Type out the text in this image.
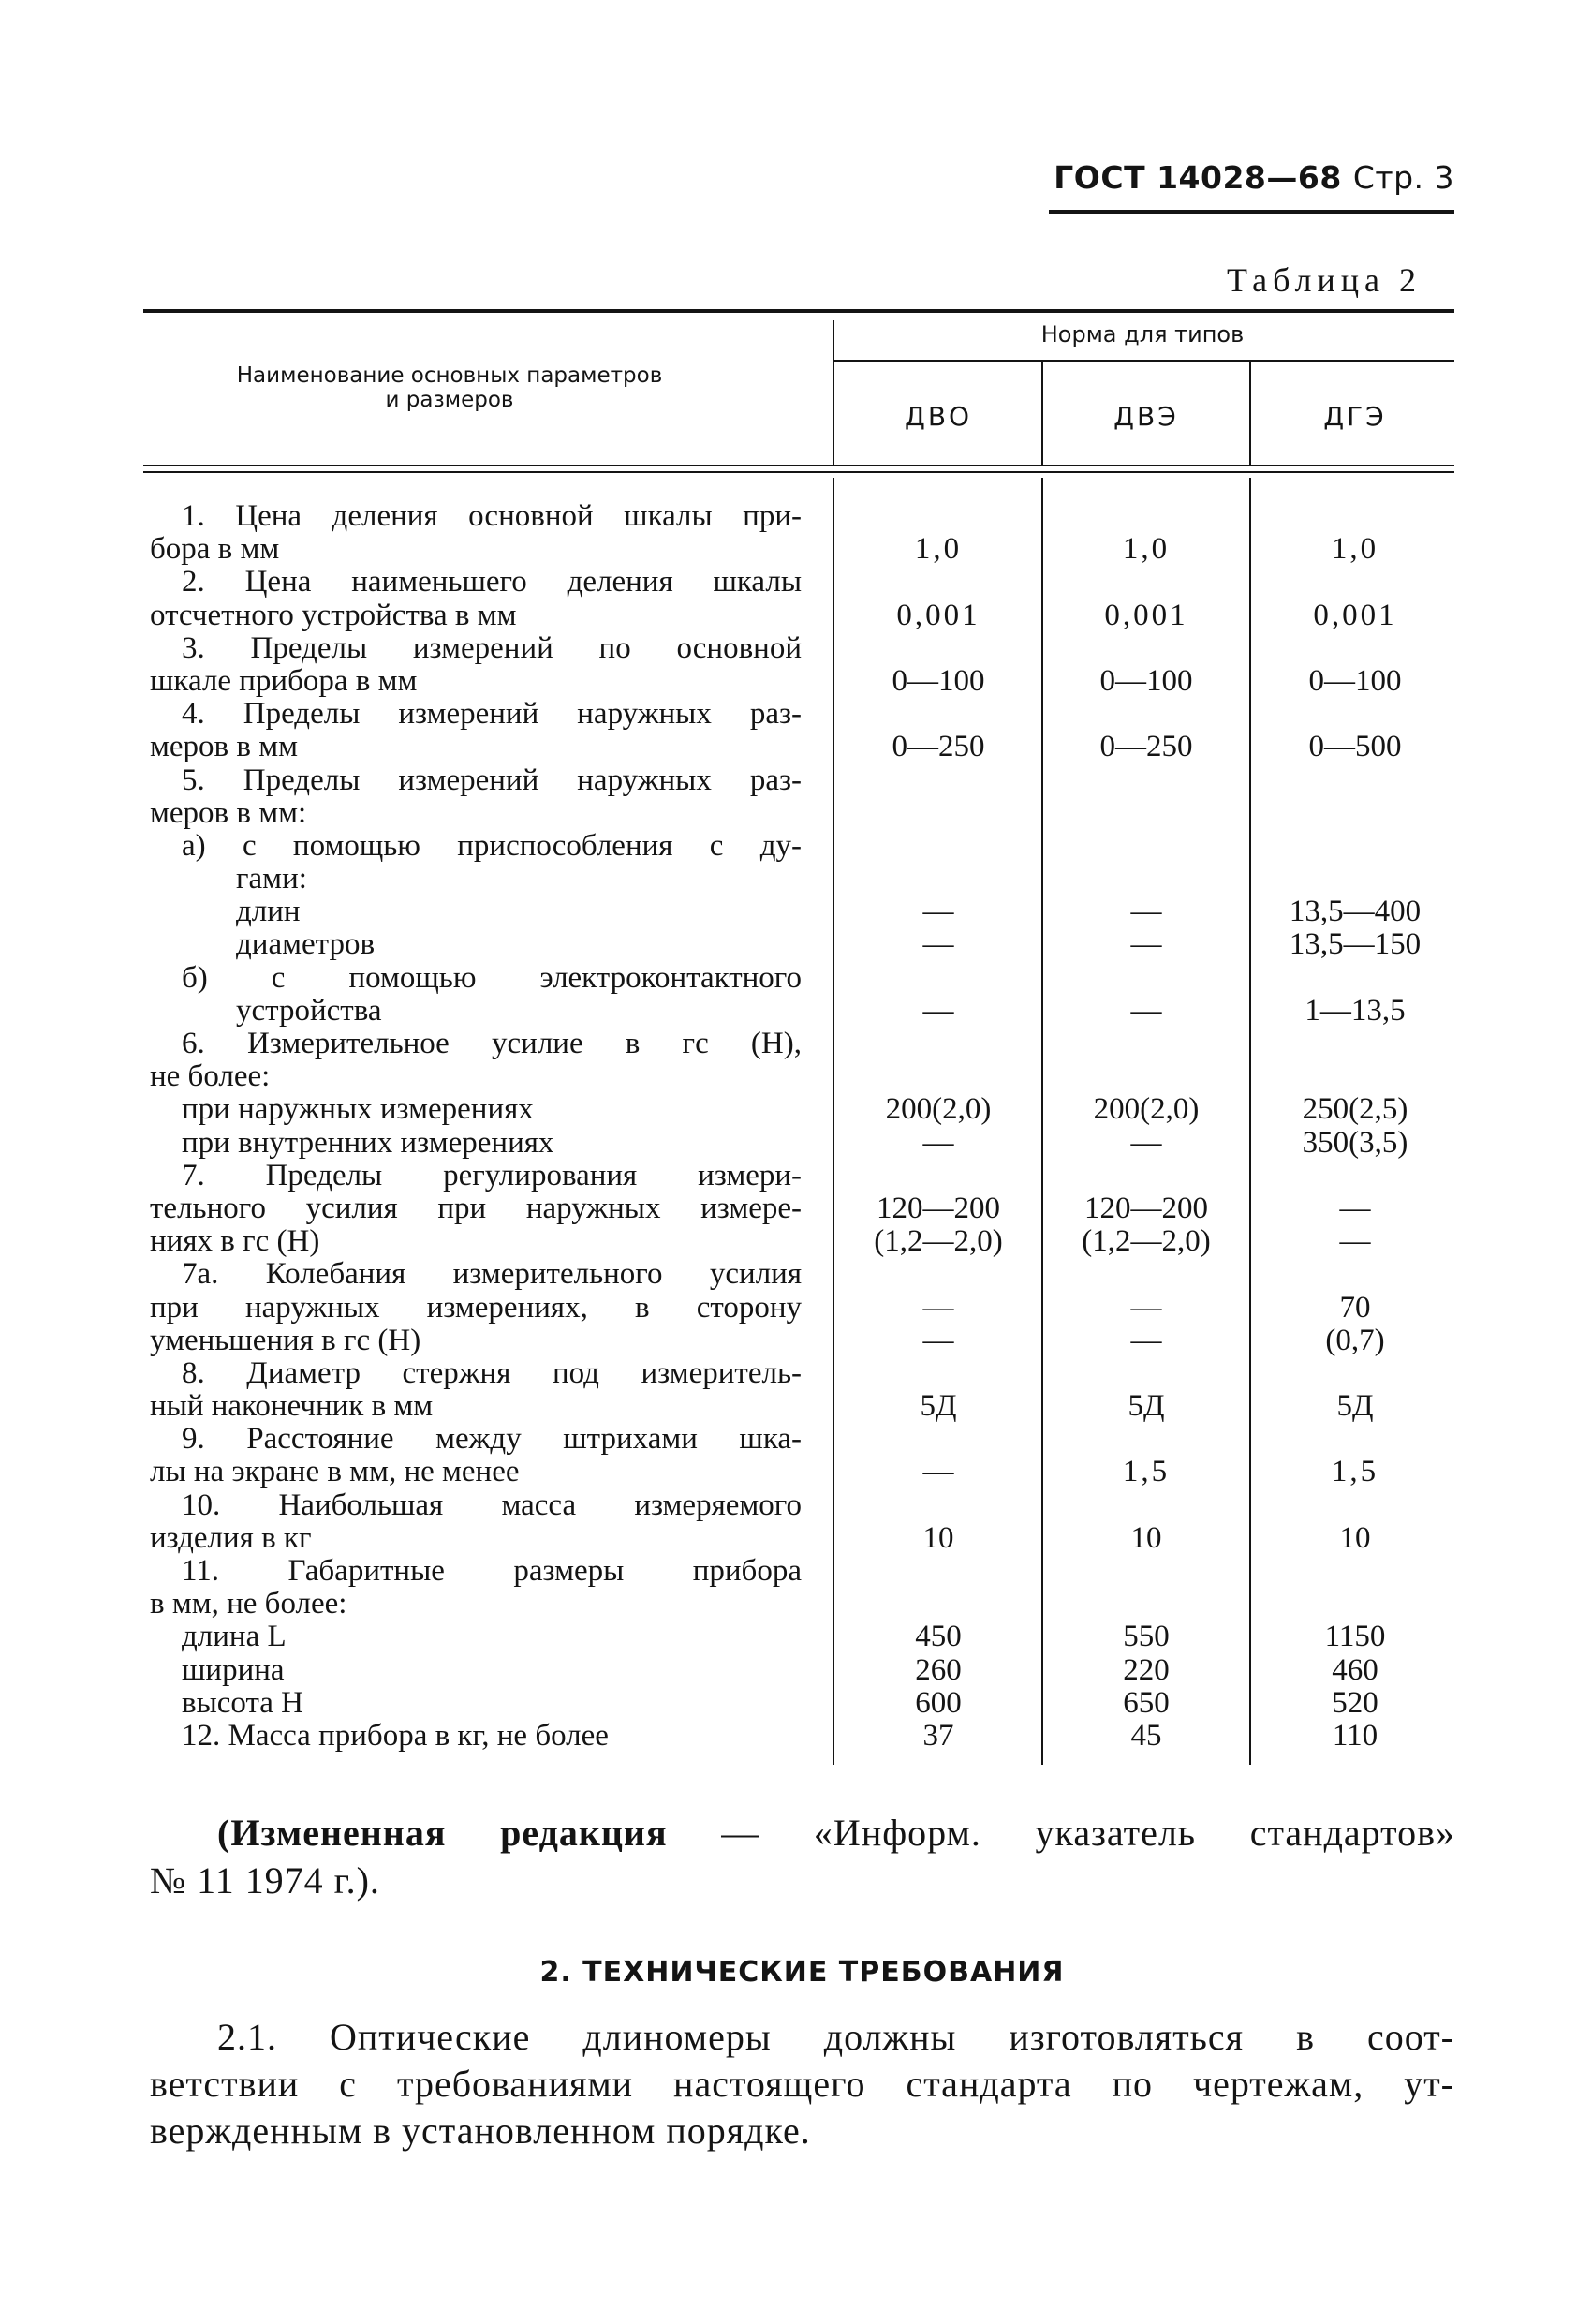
ГОСТ 14028—68 Стр. 3
Таблица 2
Наименование основных параметров
и размеров
Норма для типов
ДВО	ДВЭ	ДГЭ
1. Цена деления основной шкалы при-
бора в мм
2. Цена наименьшего деления шкалы
отсчетного устройства в мм
3. Пределы измерений по основной
шкале прибора в мм
4. Пределы измерений наружных раз-
меров в мм
5. Пределы измерений наружных раз-
меров в мм:
а) с помощью приспособления с ду-
гами:
длин
диаметров
б) с помощью электроконтактного
устройства
6. Измерительное усилие в гс (Н),
не более:
при наружных измерениях
при внутренних измерениях
7. Пределы регулирования измери-
тельного усилия при наружных измере-
ниях в гс (Н)
7а. Колебания измерительного усилия
при наружных измерениях, в сторону
уменьшения в гс (Н)
8. Диаметр стержня под измеритель-
ный наконечник в мм
9. Расстояние между штрихами шка-
лы на экране в мм, не менее
10. Наибольшая масса измеряемого
изделия в кг
11. Габаритные размеры прибора
в мм, не более:
длина L
ширина
высота H
12. Масса прибора в кг, не более
1,0
0,001
0—100
0—250
—
—
—
200(2,0)
—
120—200
(1,2—2,0)
—
—
5Д
—
10
450
260
600
37
1,0
0,001
0—100
0—250
—
—
—
200(2,0)
—
120—200
(1,2—2,0)
—
—
5Д
1,5
10
550
220
650
45
1,0
0,001
0—100
0—500
13,5—400
13,5—150
1—13,5
250(2,5)
350(3,5)
—
—
70
(0,7)
5Д
1,5
10
1150
460
520
110
(Измененная редакция — «Информ. указатель стандартов»
№ 11 1974 г.).
2. ТЕХНИЧЕСКИЕ ТРЕБОВАНИЯ
2.1. Оптические длиномеры должны изготовляться в соот-
ветствии с требованиями настоящего стандарта по чертежам, ут-
вержденным в установленном порядке.
